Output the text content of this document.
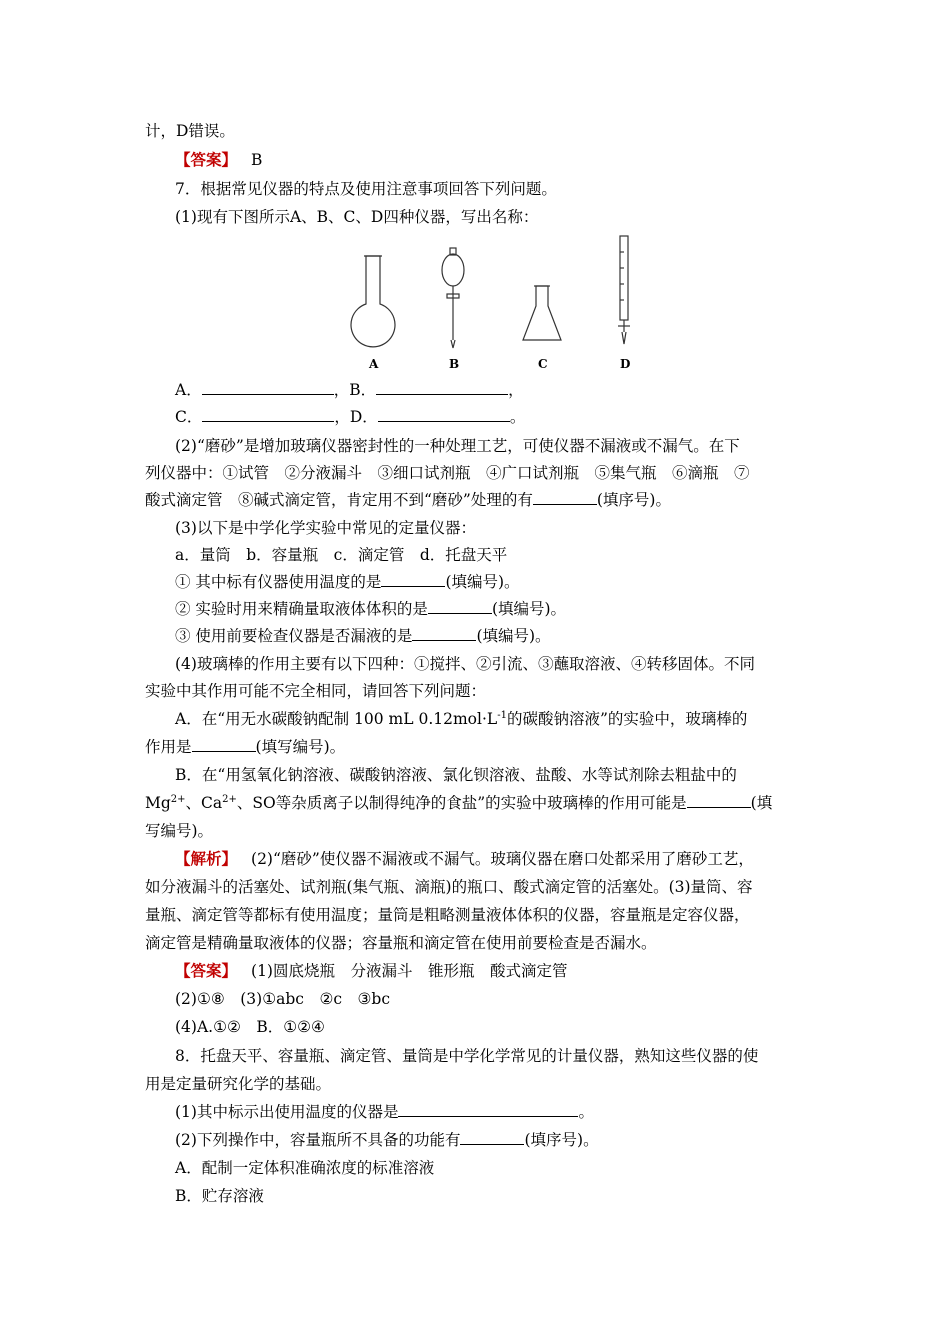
计，D错误。
【答案】 B
7．根据常见仪器的特点及使用注意事项回答下列问题。
(1)现有下图所示A、B、C、D四种仪器，写出名称：
A	B	C	D
A．	，B．	，
C．	，D．	。
(2)“磨砂”是增加玻璃仪器密封性的一种处理工艺，可使仪器不漏液或不漏气。在下
列仪器中：①试管　②分液漏斗　③细口试剂瓶　④广口试剂瓶　⑤集气瓶　⑥滴瓶　⑦
酸式滴定管　⑧碱式滴定管，肯定用不到“磨砂”处理的有	(填序号)。
(3)以下是中学化学实验中常见的定量仪器：
a．量筒　b．容量瓶　c．滴定管　d．托盘天平
① 其中标有仪器使用温度的是	(填编号)。
② 实验时用来精确量取液体体积的是	(填编号)。
③ 使用前要检查仪器是否漏液的是	(填编号)。
(4)玻璃棒的作用主要有以下四种：①搅拌、②引流、③蘸取溶液、④转移固体。不同
实验中其作用可能不完全相同，请回答下列问题：
A．在“用无水碳酸钠配制 100 mL $0.12mol\cdot L^{-1}$的碳酸钠溶液”的实验中，玻璃棒的
作用是	(填写编号)。
B．在“用氢氧化钠溶液、碳酸钠溶液、氯化钡溶液、盐酸、水等试剂除去粗盐中的
$Mg^{2+}$、$Ca^{2+}$、SO等杂质离子以制得纯净的食盐”的实验中玻璃棒的作用可能是	(填
写编号)。
【解析】 (2)“磨砂”使仪器不漏液或不漏气。玻璃仪器在磨口处都采用了磨砂工艺，
如分液漏斗的活塞处、试剂瓶(集气瓶、滴瓶)的瓶口、酸式滴定管的活塞处。(3)量筒、容
量瓶、滴定管等都标有使用温度；量筒是粗略测量液体体积的仪器，容量瓶是定容仪器，
滴定管是精确量取液体的仪器；容量瓶和滴定管在使用前要检查是否漏水。
【答案】 (1)圆底烧瓶　分液漏斗　锥形瓶　酸式滴定管
(2)①⑧　(3)①abc　②c　③bc
(4)A.①②　B．①②④
8．托盘天平、容量瓶、滴定管、量筒是中学化学常见的计量仪器，熟知这些仪器的使
用是定量研究化学的基础。
(1)其中标示出使用温度的仪器是	。
(2)下列操作中，容量瓶所不具备的功能有	(填序号)。
A．配制一定体积准确浓度的标准溶液
B．贮存溶液
